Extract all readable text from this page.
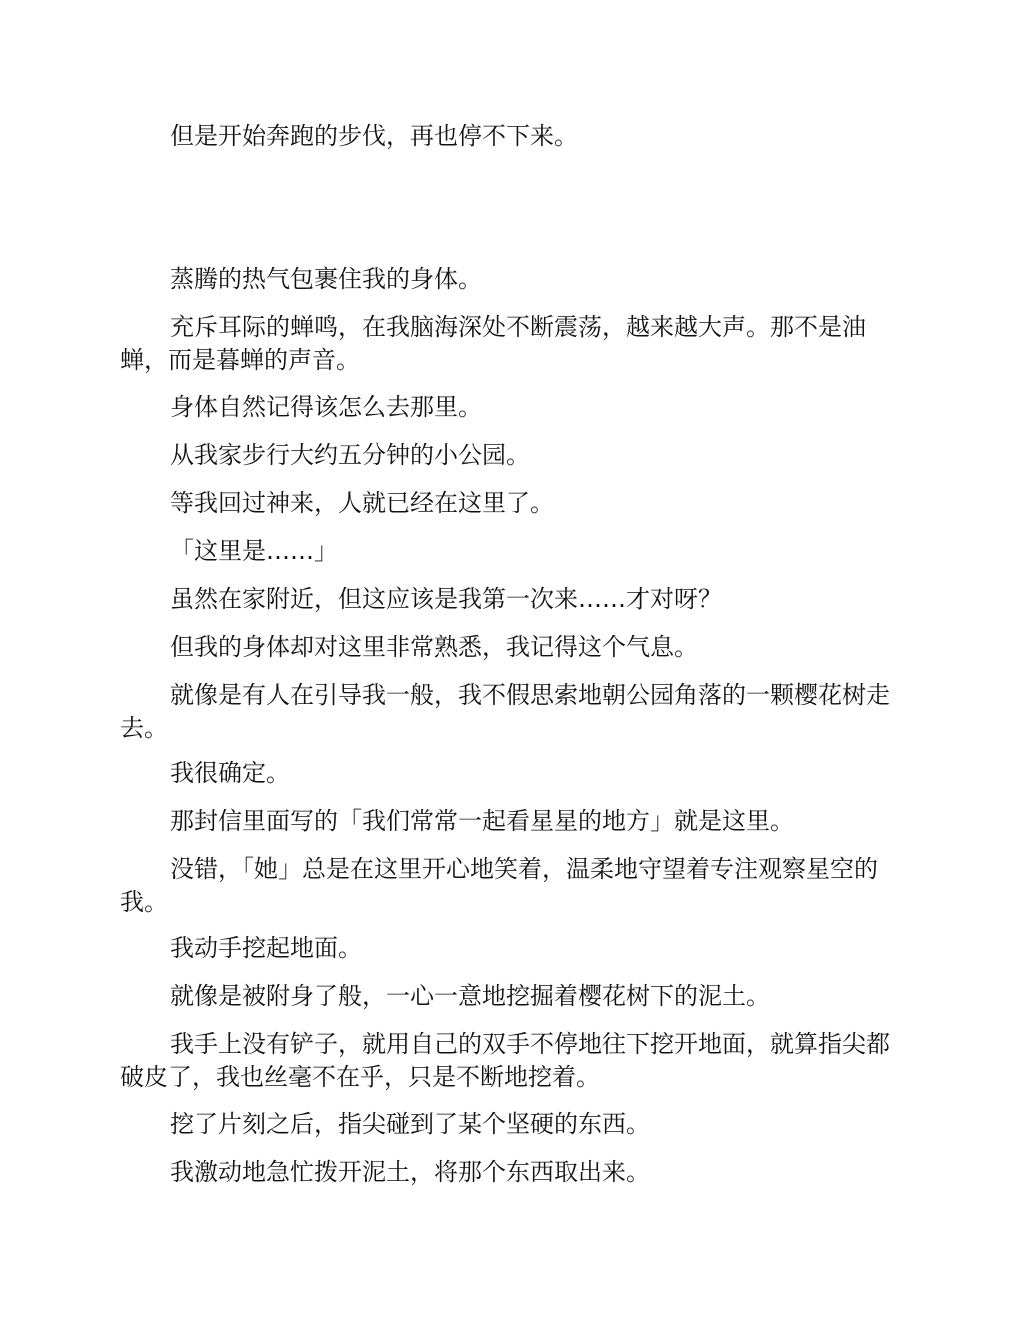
但是开始奔跑的步伐，再也停不下来。

蒸腾的热气包裹住我的身体。

充斥耳际的蝉鸣，在我脑海深处不断震荡，越来越大声。那不是油蝉，而是暮蝉的声音。

身体自然记得该怎么去那里。

从我家步行大约五分钟的小公园。

等我回过神来，人就已经在这里了。

「这里是……」

虽然在家附近，但这应该是我第一次来……才对呀？

但我的身体却对这里非常熟悉，我记得这个气息。

就像是有人在引导我一般，我不假思索地朝公园角落的一颗樱花树走去。

我很确定。

那封信里面写的「我们常常一起看星星的地方」就是这里。

没错，「她」总是在这里开心地笑着，温柔地守望着专注观察星空的我。

我动手挖起地面。

就像是被附身了般，一心一意地挖掘着樱花树下的泥土。

我手上没有铲子，就用自己的双手不停地往下挖开地面，就算指尖都破皮了，我也丝毫不在乎，只是不断地挖着。

挖了片刻之后，指尖碰到了某个坚硬的东西。

我激动地急忙拨开泥土，将那个东西取出来。
